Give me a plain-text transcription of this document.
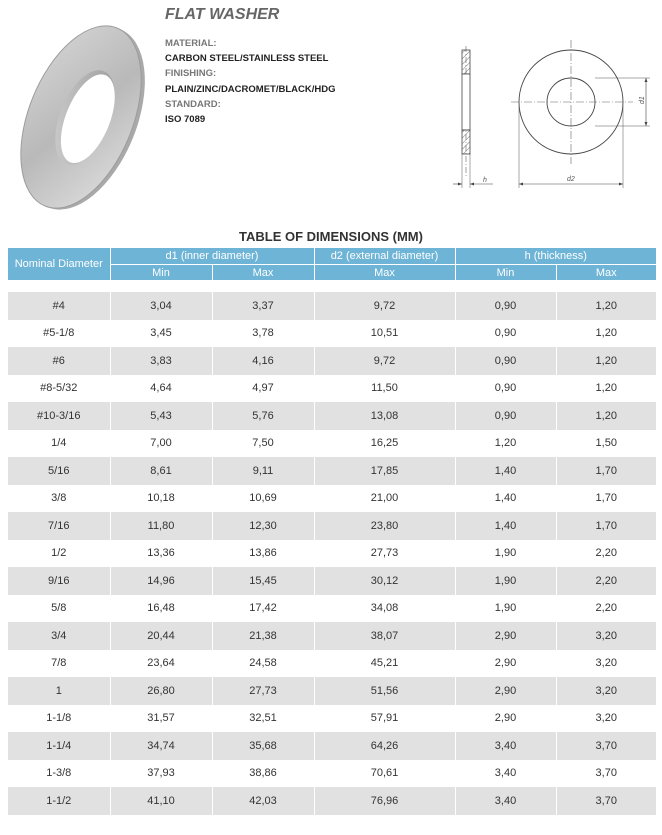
FLAT WASHER
MATERIAL:
CARBON STEEL/STAINLESS STEEL
FINISHING:
PLAIN/ZINC/DACROMET/BLACK/HDG
STANDARD:
ISO 7089
h
d1
d2
TABLE OF DIMENSIONS (MM)
Nominal Diameter	d1 (inner diameter)		d2 (external diameter)	h (thickness)	
	Min	Max	Max	Min	Max

#4	3,04	3,37	9,72	0,90	1,20
#5-1/8	3,45	3,78	10,51	0,90	1,20
#6	3,83	4,16	9,72	0,90	1,20
#8-5/32	4,64	4,97	11,50	0,90	1,20
#10-3/16	5,43	5,76	13,08	0,90	1,20
1/4	7,00	7,50	16,25	1,20	1,50
5/16	8,61	9,11	17,85	1,40	1,70
3/8	10,18	10,69	21,00	1,40	1,70
7/16	11,80	12,30	23,80	1,40	1,70
1/2	13,36	13,86	27,73	1,90	2,20
9/16	14,96	15,45	30,12	1,90	2,20
5/8	16,48	17,42	34,08	1,90	2,20
3/4	20,44	21,38	38,07	2,90	3,20
7/8	23,64	24,58	45,21	2,90	3,20
1	26,80	27,73	51,56	2,90	3,20
1-1/8	31,57	32,51	57,91	2,90	3,20
1-1/4	34,74	35,68	64,26	3,40	3,70
1-3/8	37,93	38,86	70,61	3,40	3,70
1-1/2	41,10	42,03	76,96	3,40	3,70
